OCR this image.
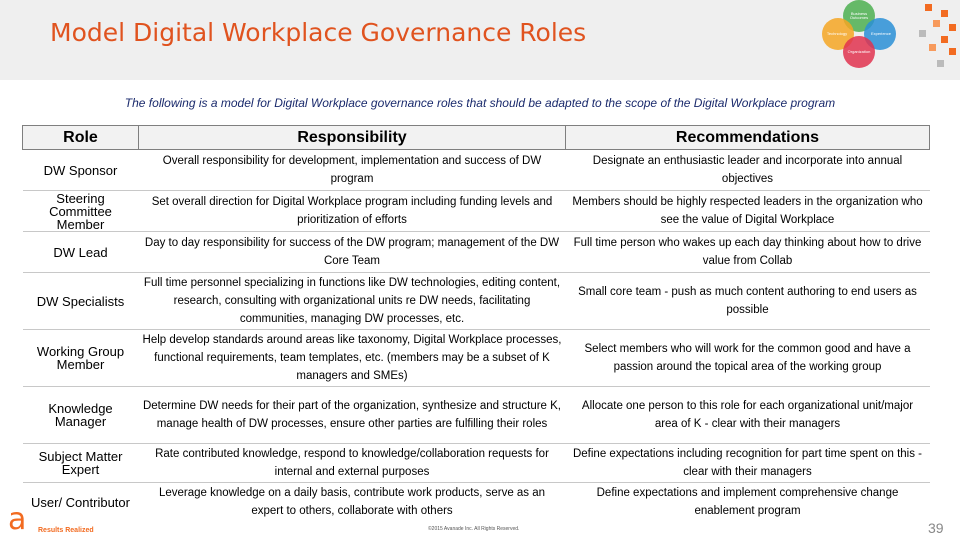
Model Digital Workplace Governance Roles
Business Outcomes
Technology	Experience
Organization

The following is a model for Digital Workplace governance roles that should be adapted to the scope of the Digital Workplace program

Role	Responsibility	Recommendations
DW Sponsor	Overall responsibility for development, implementation and success of DW program	Designate an enthusiastic leader and incorporate into annual objectives
Steering Committee Member	Set overall direction for Digital Workplace program including funding levels and prioritization of efforts	Members should be highly respected leaders in the organization who see the value of Digital Workplace
DW Lead	Day to day responsibility for success of the DW program; management of the DW Core Team	Full time person who wakes up each day thinking about how to drive value from Collab
DW Specialists	Full time personnel specializing in functions like DW technologies, editing content, research, consulting with organizational units re DW needs, facilitating communities, managing DW processes, etc.	Small core team - push as much content authoring to end users as possible
Working Group Member	Help develop standards around areas like taxonomy, Digital Workplace processes, functional requirements, team templates, etc. (members may be a subset of K managers and SMEs)	Select members who will work for the common good and have a passion around the topical area of the working group
Knowledge Manager	Determine DW needs for their part of the organization, synthesize and structure K, manage health of DW processes, ensure other parties are fulfilling their roles	Allocate one person to this role for each organizational unit/major area of K - clear with their managers
Subject Matter Expert	Rate contributed knowledge, respond to knowledge/collaboration requests for internal and external purposes	Define expectations including recognition for part time spent on this - clear with their managers
User/ Contributor	Leverage knowledge on a daily basis, contribute work products, serve as an expert to others, collaborate with others	Define expectations and implement comprehensive change enablement program
a Results Realized	©2015 Avanade Inc. All Rights Reserved.	39
